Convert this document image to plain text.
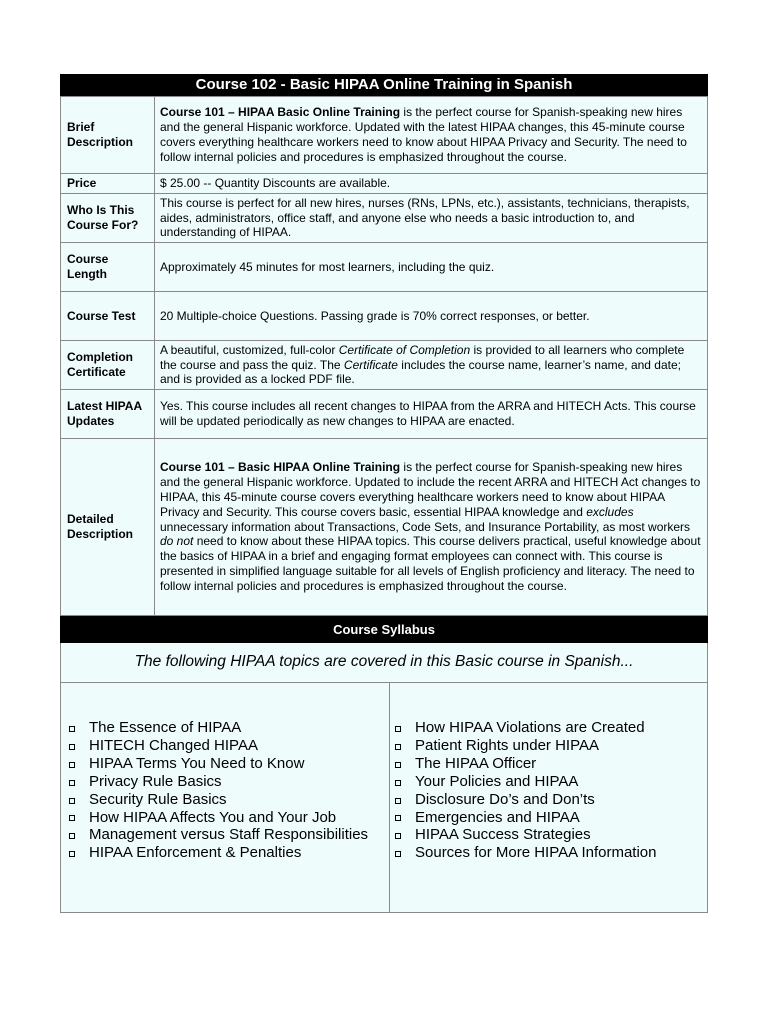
Course 102 - Basic HIPAA Online Training in Spanish
Brief Description	Course 101 – HIPAA Basic Online Training is the perfect course for Spanish-speaking new hires and the general Hispanic workforce. Updated with the latest HIPAA changes, this 45-minute course covers everything healthcare workers need to know about HIPAA Privacy and Security. The need to follow internal policies and procedures is emphasized throughout the course.
Price	$ 25.00 -- Quantity Discounts are available.
Who Is This Course For?	This course is perfect for all new hires, nurses (RNs, LPNs, etc.), assistants, technicians, therapists, aides, administrators, office staff, and anyone else who needs a basic introduction to, and understanding of HIPAA.
Course Length	Approximately 45 minutes for most learners, including the quiz.
Course Test	20 Multiple-choice Questions. Passing grade is 70% correct responses, or better.
Completion Certificate	A beautiful, customized, full-color Certificate of Completion is provided to all learners who complete the course and pass the quiz. The Certificate includes the course name, learner’s name, and date; and is provided as a locked PDF file.
Latest HIPAA Updates	Yes. This course includes all recent changes to HIPAA from the ARRA and HITECH Acts. This course will be updated periodically as new changes to HIPAA are enacted.
Detailed Description	Course 101 – Basic HIPAA Online Training is the perfect course for Spanish-speaking new hires and the general Hispanic workforce. Updated to include the recent ARRA and HITECH Act changes to HIPAA, this 45-minute course covers everything healthcare workers need to know about HIPAA Privacy and Security. This course covers basic, essential HIPAA knowledge and excludes unnecessary information about Transactions, Code Sets, and Insurance Portability, as most workers do not need to know about these HIPAA topics. This course delivers practical, useful knowledge about the basics of HIPAA in a brief and engaging format employees can connect with. This course is presented in simplified language suitable for all levels of English proficiency and literacy. The need to follow internal policies and procedures is emphasized throughout the course.
Course Syllabus
The following HIPAA topics are covered in this Basic course in Spanish...
The Essence of HIPAA
HITECH Changed HIPAA
HIPAA Terms You Need to Know
Privacy Rule Basics
Security Rule Basics
How HIPAA Affects You and Your Job
Management versus Staff Responsibilities
HIPAA Enforcement & Penalties
How HIPAA Violations are Created
Patient Rights under HIPAA
The HIPAA Officer
Your Policies and HIPAA
Disclosure Do’s and Don’ts
Emergencies and HIPAA
HIPAA Success Strategies
Sources for More HIPAA Information
